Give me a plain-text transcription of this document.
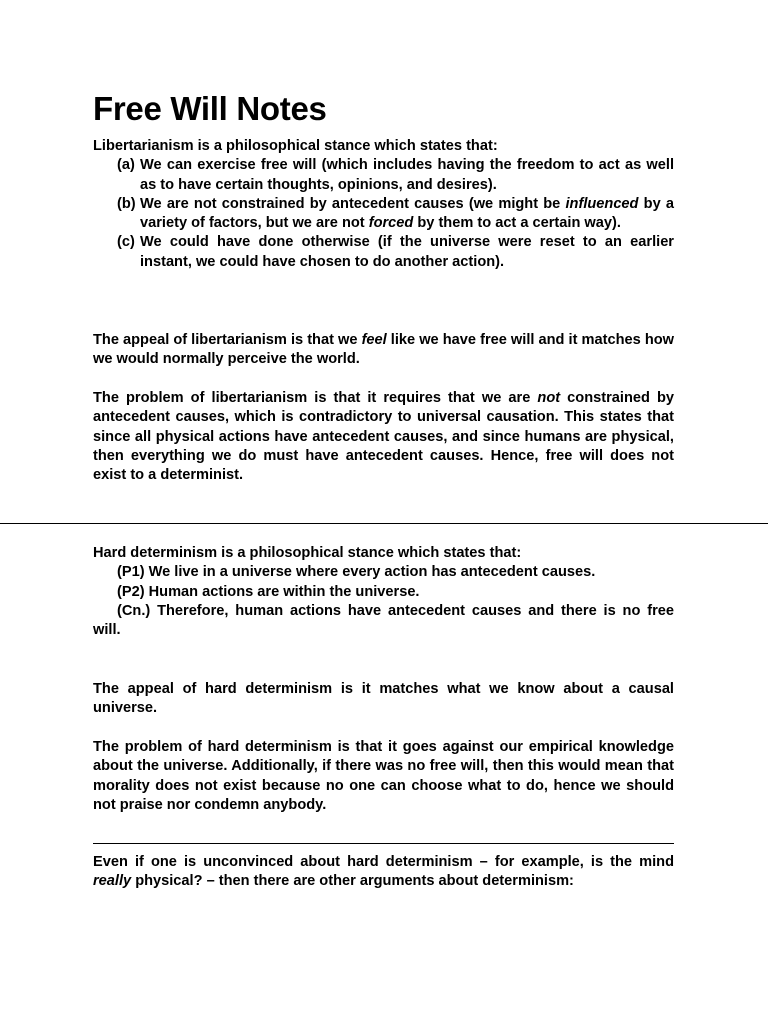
Free Will Notes

Libertarianism is a philosophical stance which states that:

(a) We can exercise free will (which includes having the freedom to act as well as to have certain thoughts, opinions, and desires).
(b) We are not constrained by antecedent causes (we might be influenced by a variety of factors, but we are not forced by them to act a certain way).
(c) We could have done otherwise (if the universe were reset to an earlier instant, we could have chosen to do another action).

The appeal of libertarianism is that we feel like we have free will and it matches how we would normally perceive the world.

The problem of libertarianism is that it requires that we are not constrained by antecedent causes, which is contradictory to universal causation. This states that since all physical actions have antecedent causes, and since humans are physical, then everything we do must have antecedent causes. Hence, free will does not exist to a determinist.

Hard determinism is a philosophical stance which states that:

(P1) We live in a universe where every action has antecedent causes.

(P2) Human actions are within the universe.

(Cn.) Therefore, human actions have antecedent causes and there is no free will.

The appeal of hard determinism is it matches what we know about a causal universe.

The problem of hard determinism is that it goes against our empirical knowledge about the universe. Additionally, if there was no free will, then this would mean that morality does not exist because no one can choose what to do, hence we should not praise nor condemn anybody.

Even if one is unconvinced about hard determinism – for example, is the mind really physical? – then there are other arguments about determinism:
